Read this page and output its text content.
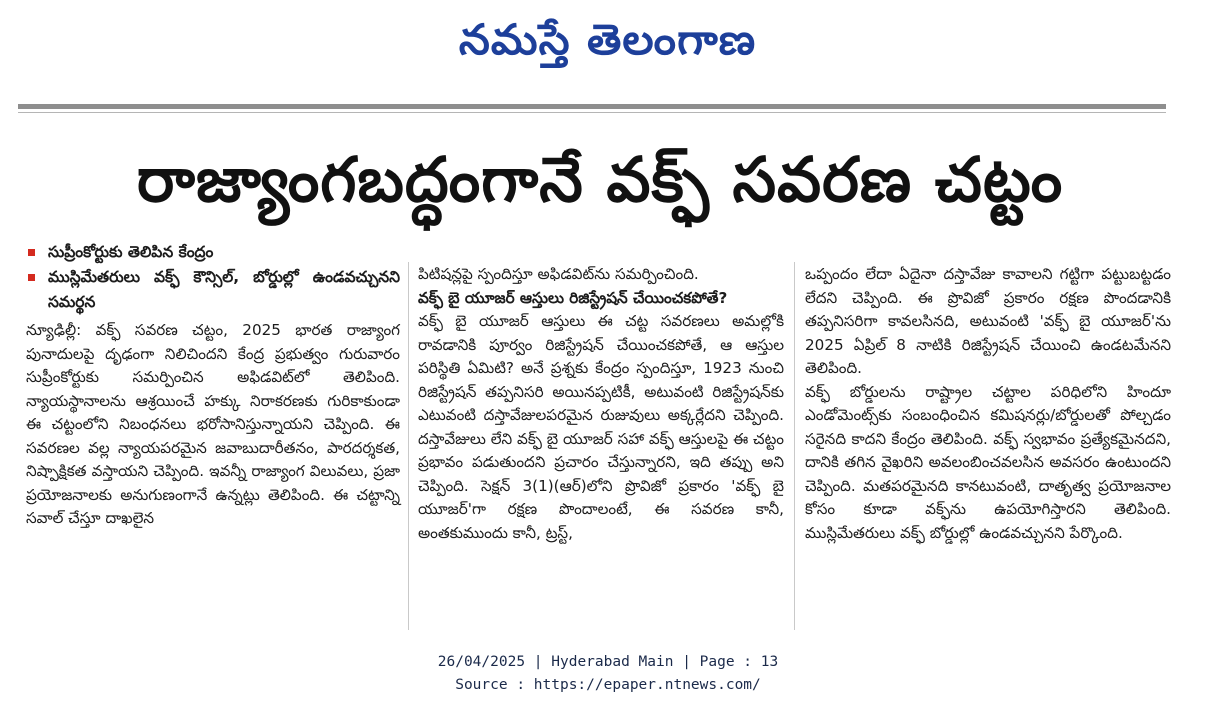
నమస్తే తెలంగాణ
రాజ్యాంగబద్ధంగానే వక్ఫ్ సవరణ చట్టం
సుప్రీంకోర్టుకు తెలిపిన కేంద్రం
ముస్లిమేతరులు వక్ఫ్ కౌన్సిల్, బోర్డుల్లో ఉండవచ్చునని సమర్థన

న్యూఢిల్లీ: వక్ఫ్ సవరణ చట్టం, 2025 భారత రాజ్యాంగ పునాదులపై దృఢంగా నిలిచిందని కేంద్ర ప్రభుత్వం గురువారం సుప్రీంకోర్టుకు సమర్పించిన అఫిడవిట్‌లో తెలిపింది. న్యాయస్థానాలను ఆశ్రయించే హక్కు నిరాకరణకు గురికాకుండా ఈ చట్టంలోని నిబంధనలు భరోసానిస్తున్నాయని చెప్పింది. ఈ సవరణల వల్ల న్యాయపరమైన జవాబుదారీతనం, పారదర్శకత, నిష్పాక్షికత వస్తాయని చెప్పింది. ఇవన్నీ రాజ్యాంగ విలువలు, ప్రజా ప్రయోజనాలకు అనుగుణంగానే ఉన్నట్లు తెలిపింది. ఈ చట్టాన్ని సవాల్ చేస్తూ దాఖలైన

పిటిషన్లపై స్పందిస్తూ అఫిడవిట్‌ను సమర్పించింది.

వక్ఫ్ బై యూజర్ ఆస్తులు రిజిస్ట్రేషన్ చేయించకపోతే?

వక్ఫ్ బై యూజర్ ఆస్తులు ఈ చట్ట సవరణలు అమల్లోకి రావడానికి పూర్వం రిజిస్ట్రేషన్ చేయించకపోతే, ఆ ఆస్తుల పరిస్థితి ఏమిటి? అనే ప్రశ్నకు కేంద్రం స్పందిస్తూ, 1923 నుంచి రిజిస్ట్రేషన్ తప్పనిసరి అయినప్పటికీ, అటువంటి రిజిస్ట్రేషన్‌కు ఎటువంటి దస్తావేజులపరమైన రుజువులు అక్కర్లేదని చెప్పింది. దస్తావేజులు లేని వక్ఫ్ బై యూజర్ సహా వక్ఫ్ ఆస్తులపై ఈ చట్టం ప్రభావం పడుతుందని ప్రచారం చేస్తున్నారని, ఇది తప్పు అని చెప్పింది. సెక్షన్ 3(1)(ఆర్)లోని ప్రొవిజో ప్రకారం 'వక్ఫ్ బై యూజర్'గా రక్షణ పొందాలంటే, ఈ సవరణ కానీ, అంతకుముందు కానీ, ట్రస్ట్,

ఒప్పందం లేదా ఏదైనా దస్తావేజు కావాలని గట్టిగా పట్టుబట్టడం లేదని చెప్పింది. ఈ ప్రొవిజో ప్రకారం రక్షణ పొందడానికి తప్పనిసరిగా కావలసినది, అటువంటి 'వక్ఫ్ బై యూజర్'ను 2025 ఏప్రిల్ 8 నాటికి రిజిస్ట్రేషన్ చేయించి ఉండటమేనని తెలిపింది.

వక్ఫ్ బోర్డులను రాష్ట్రాల చట్టాల పరిధిలోని హిందూ ఎండోమెంట్స్‌కు సంబంధించిన కమిషనర్లు/బోర్డులతో పోల్చడం సరైనది కాదని కేంద్రం తెలిపింది. వక్ఫ్ స్వభావం ప్రత్యేకమైనదని, దానికి తగిన వైఖరిని అవలంబించవలసిన అవసరం ఉంటుందని చెప్పింది. మతపరమైనది కానటువంటి, దాతృత్వ ప్రయోజనాల కోసం కూడా వక్ఫ్‌ను ఉపయోగిస్తారని తెలిపింది. ముస్లిమేతరులు వక్ఫ్ బోర్డుల్లో ఉండవచ్చునని పేర్కొంది.

26/04/2025 | Hyderabad Main | Page : 13
Source : https://epaper.ntnews.com/
